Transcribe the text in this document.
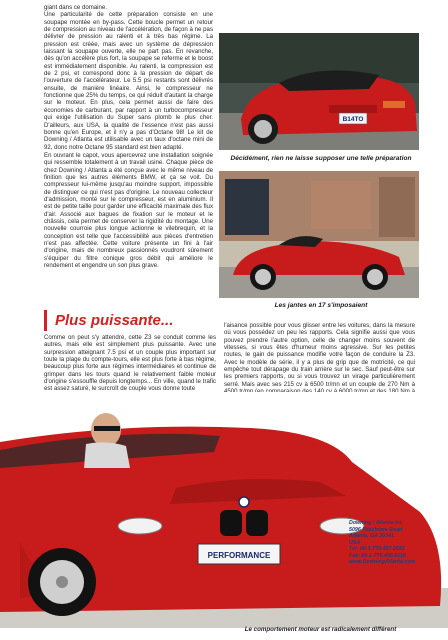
giant dans ce domaine.

Une particularité de cette préparation consiste en une soupape montée en by-pass. Cette boucle permet un retour de compression au niveau de l'accélération, de façon à ne pas délivrer de pression au ralenti et à très bas régime. La pression est créée, mais avec un système de dépression laissant la soupape ouverte, elle ne part pas. En revanche, dès qu'on accélère plus fort, la soupape se referme et le boost est immédiatement disponible. Au ralenti, la compression est de 2 psi, et correspond donc à la pression de départ de l'ouverture de l'accélérateur. Le 5.5 psi restants sont délivrés ensuite, de manière linéaire. Ainsi, le compresseur ne fonctionne que 25% du temps, ce qui réduit d'autant la charge sur le moteur. En plus, cela permet aussi de faire des économies de carburant, par rapport à un turbocompresseur qui exige l'utilisation du Super sans plomb le plus cher. D'ailleurs, aux USA, la qualité de l'essence n'est pas aussi bonne qu'en Europe, et il n'y a pas d'Octane 98! Le kit de Downing / Atlanta est utilisable avec un taux d'octane mini de 92, donc notre Octane 95 standard est bien adapté.

En ouvrant le capot, vous apercevrez une installation soignée qui ressemble totalement à un travail usine. Chaque pièce de chez Downing / Atlanta a été conçue avec le même niveau de finition que les autres éléments BMW, et ça se voit. Du compresseur lui-même jusqu'au moindre support, impossible de distinguer ce qui n'est pas d'origine. Le nouveau collecteur d'admission, monté sur le compresseur, est en aluminium. Il est de petite taille pour garder une efficacité maximale des flux d'air. Associé aux bagues de fixation sur le moteur et le châssis, cela permet de conserver la rigidité du montage. Une nouvelle courroie plus longue actionne le vilebrequin, et la conception est telle que l'accessibilité aux pièces d'entretien n'est pas affectée. Cette voiture présente un fini à l'air d'origine, mais de nombreux passionnés voudront sûrement s'équiper du filtre conique gros débit qui améliore le rendement et engendre un son plus grave.

B14TO
Décidément, rien ne laisse supposer une telle préparation
Les jantes en 17 s'imposaient
Plus puissante...

Comme on peut s'y attendre, cette Z3 se conduit comme les autres, mais elle est simplement plus puissante. Avec une surpression atteignant 7.5 psi et un couple plus important sur toute la plage du compte-tours, elle est plus forte à bas régime, beaucoup plus forte aux régimes intermédiaires et continue de grimper dans les tours quand le relativement faible moteur d'origine s'essouffle depuis longtemps... En ville, quand le trafic est assez saturé, le surcroît de couple vous donne toute

l'aisance possible pour vous glisser entre les voitures, dans la mesure où vous possédez un peu les rapports. Cela signifie aussi que vous pouvez prendre l'autre option, celle de changer moins souvent de vitesses, si vous êtes d'humeur moins agressive. Sur les petites routes, le gain de puissance modifie votre façon de conduire la Z3. Avec le modèle de série, il y a plus de grip que de motricité, ce qui empêche tout dérapage du train arrière sur le sec. Sauf peut-être sur les premiers rapports, ou si vous trouvez un virage particulièrement serré. Mais avec ses 215 cv à 6500 tr/mn et un couple de 270 Nm à

PERFORMANCE
Downing / Atlanta Inc
5096 Peachtree Road
Atlanta, GA 30341
USA
Tél: 00-1-770.457.2692
Fax: 00-1-770.458.6118
www.DowningAtlanta.com
Le comportement moteur est radicalement différent
